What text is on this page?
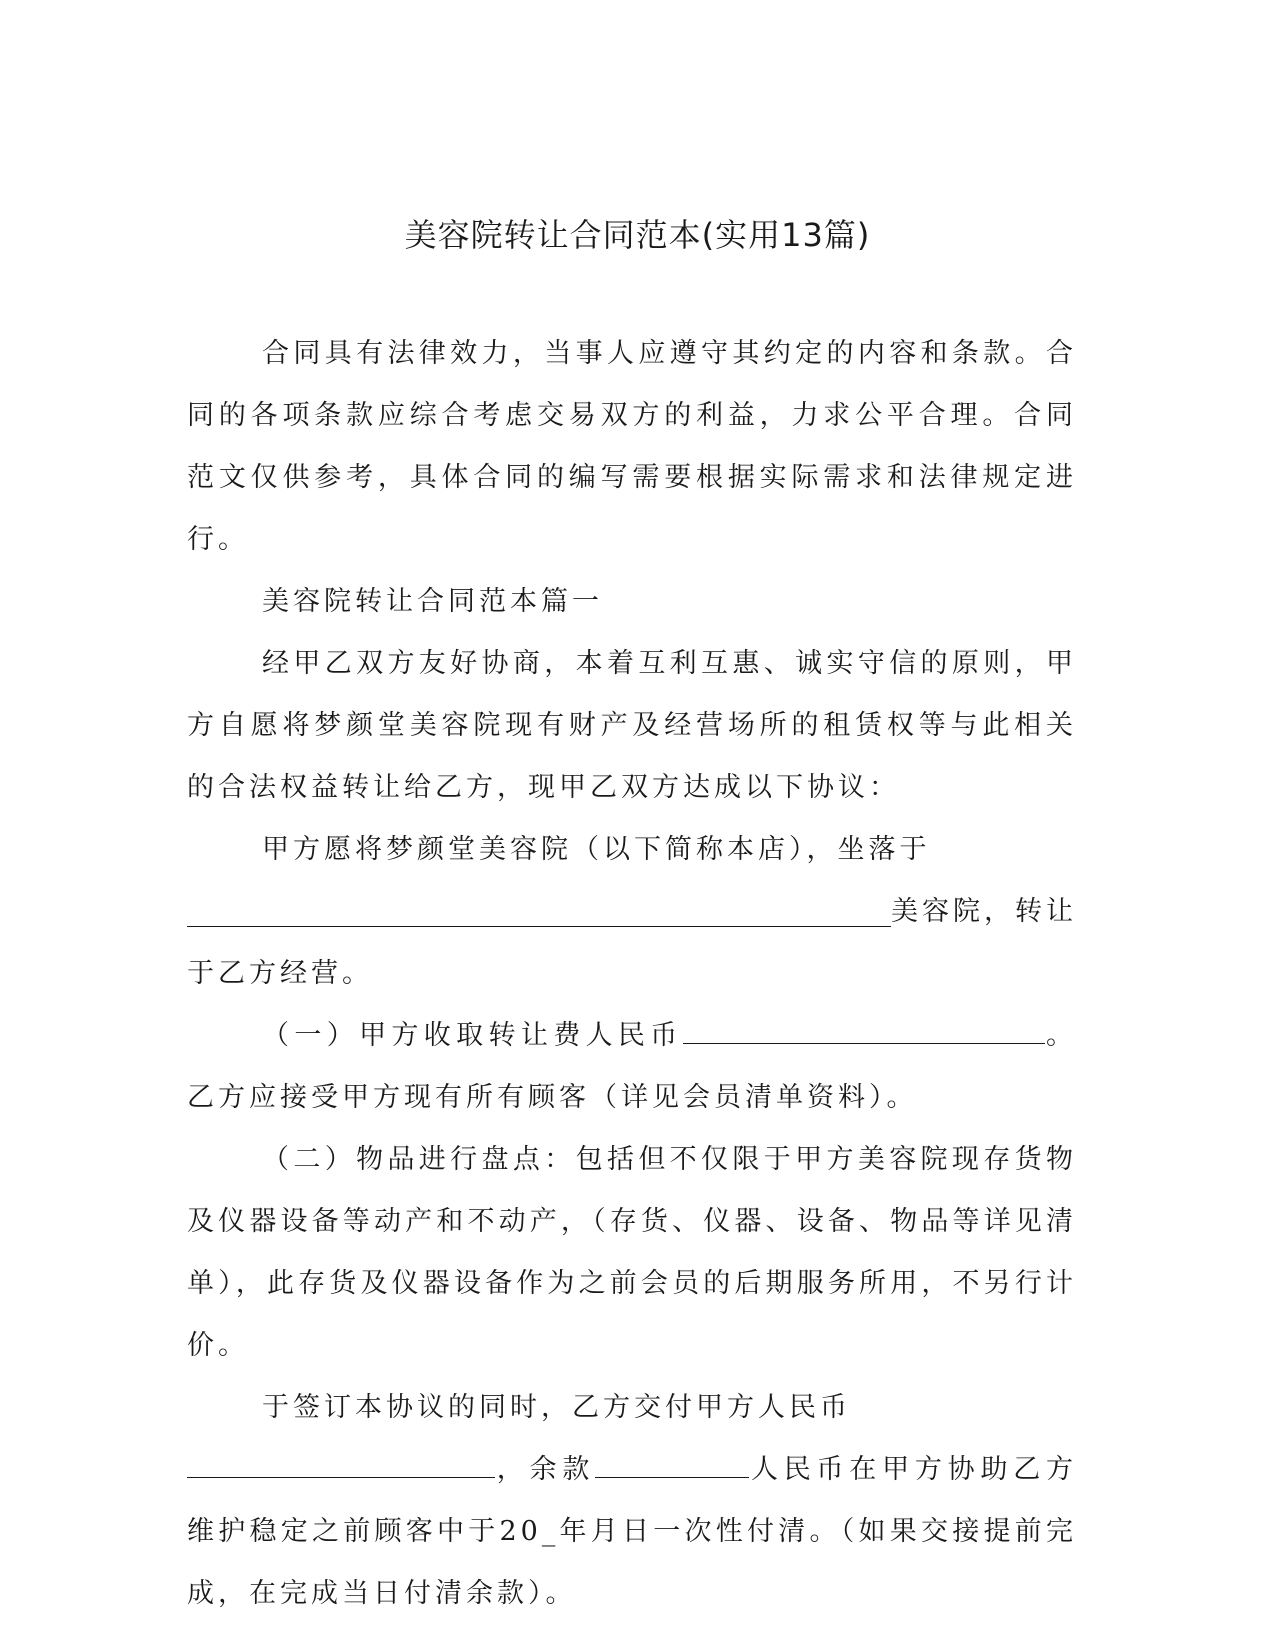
美容院转让合同范本(实用13篇)

合同具有法律效力，当事人应遵守其约定的内容和条款。合同的各项条款应综合考虑交易双方的利益，力求公平合理。合同范文仅供参考，具体合同的编写需要根据实际需求和法律规定进行。

美容院转让合同范本篇一

经甲乙双方友好协商，本着互利互惠、诚实守信的原则，甲方自愿将梦颜堂美容院现有财产及经营场所的租赁权等与此相关的合法权益转让给乙方，现甲乙双方达成以下协议：

甲方愿将梦颜堂美容院（以下简称本店），坐落于

美容院，转让

于乙方经营。

（一）甲方收取转让费人民币	。乙方应接受甲方现有所有顾客（详见会员清单资料）。

（二）物品进行盘点：包括但不仅限于甲方美容院现存货物及仪器设备等动产和不动产，（存货、仪器、设备、物品等详见清单），此存货及仪器设备作为之前会员的后期服务所用，不另行计价。

于签订本协议的同时，乙方交付甲方人民币

，余款	人民币在甲方协助乙方维护稳定之前顾客中于20_年月日一次性付清。（如果交接提前完成，在完成当日付清余款）。
